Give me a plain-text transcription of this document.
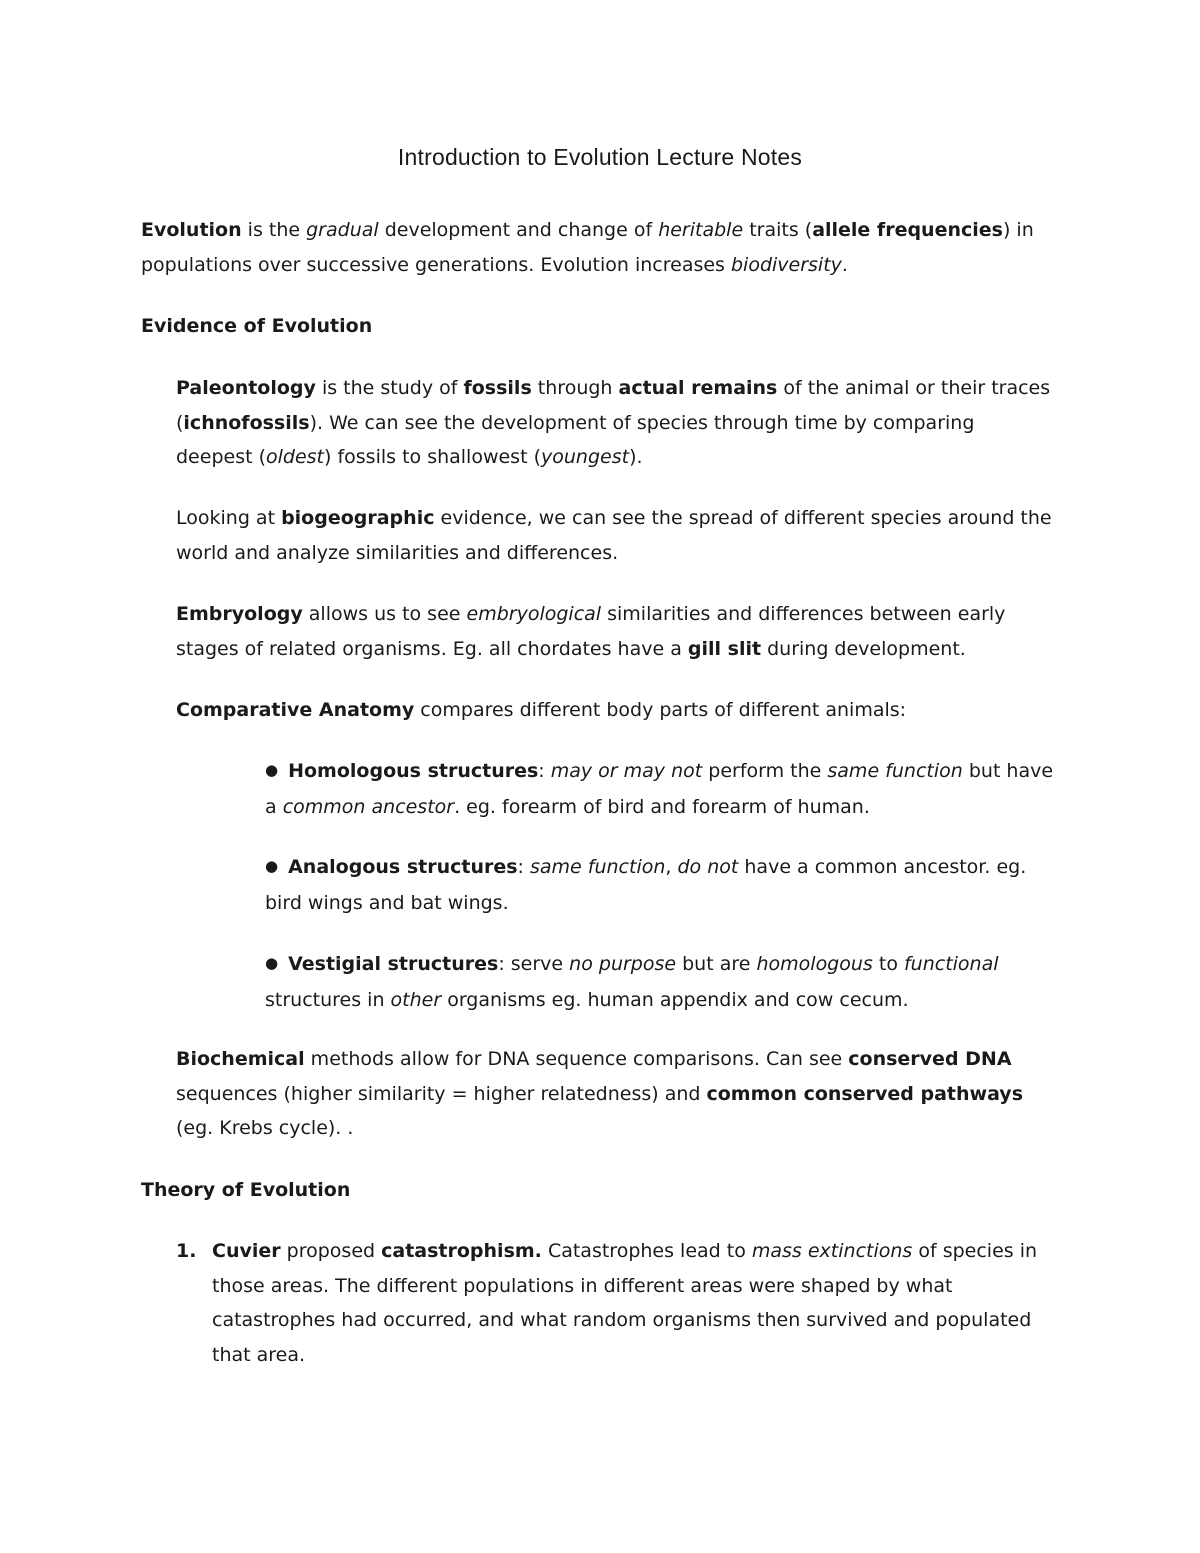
Introduction to Evolution Lecture Notes
Evolution is the gradual development and change of heritable traits (allele frequencies) in populations over successive generations. Evolution increases biodiversity.
Evidence of Evolution
Paleontology is the study of fossils through actual remains of the animal or their traces (ichnofossils). We can see the development of species through time by comparing deepest (oldest) fossils to shallowest (youngest).
Looking at biogeographic evidence, we can see the spread of different species around the world and analyze similarities and differences.
Embryology allows us to see embryological similarities and differences between early stages of related organisms. Eg. all chordates have a gill slit during development.
Comparative Anatomy compares different body parts of different animals:
● Homologous structures: may or may not perform the same function but have a common ancestor. eg. forearm of bird and forearm of human.
● Analogous structures: same function, do not have a common ancestor. eg. bird wings and bat wings.
● Vestigial structures: serve no purpose but are homologous to functional structures in other organisms eg. human appendix and cow cecum.
Biochemical methods allow for DNA sequence comparisons. Can see conserved DNA sequences (higher similarity = higher relatedness) and common conserved pathways (eg. Krebs cycle). .
Theory of Evolution
1. Cuvier proposed catastrophism. Catastrophes lead to mass extinctions of species in those areas. The different populations in different areas were shaped by what catastrophes had occurred, and what random organisms then survived and populated that area.
